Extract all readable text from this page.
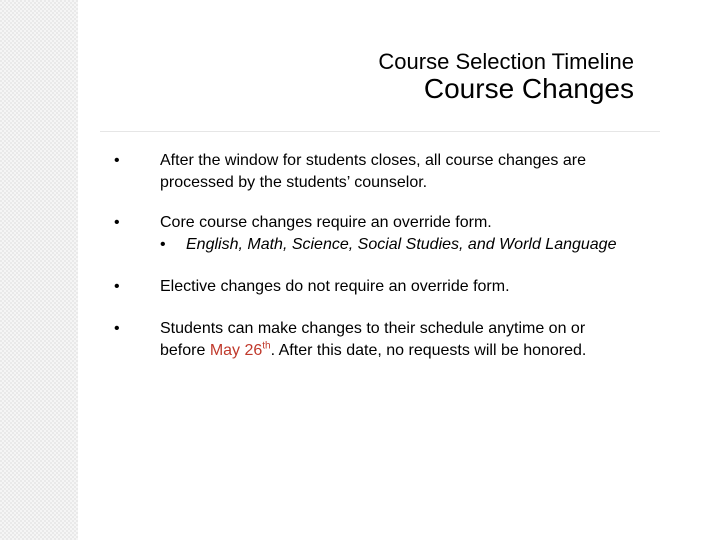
Course Selection Timeline
Course Changes
•	After the window for students closes, all course changes are processed by the students’ counselor.
•	Core course changes require an override form.
• English, Math, Science, Social Studies, and World Language
•	Elective changes do not require an override form.
•	Students can make changes to their schedule anytime on or before May 26th. After this date, no requests will be honored.
